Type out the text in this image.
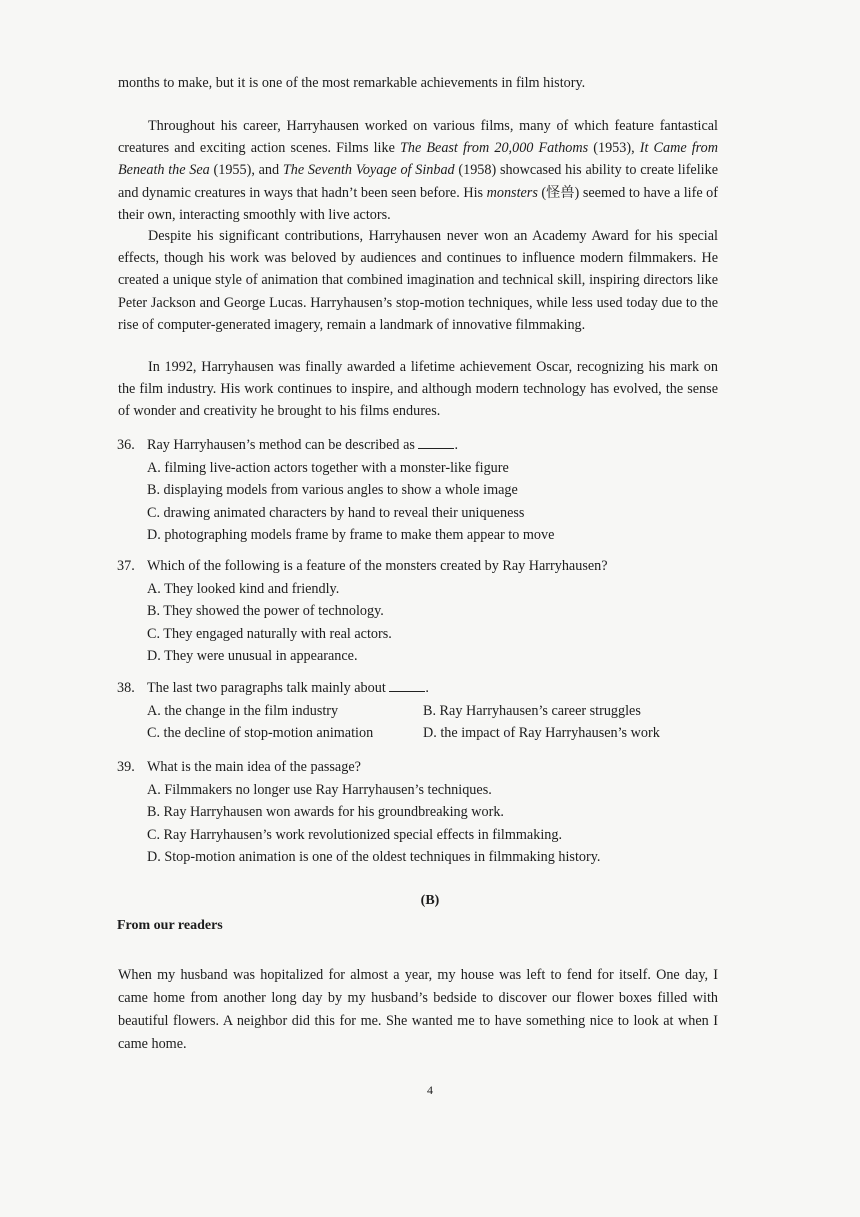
months to make, but it is one of the most remarkable achievements in film history.

Throughout his career, Harryhausen worked on various films, many of which feature fantastical creatures and exciting action scenes. Films like The Beast from 20,000 Fathoms (1953), It Came from Beneath the Sea (1955), and The Seventh Voyage of Sinbad (1958) showcased his ability to create lifelike and dynamic creatures in ways that hadn’t been seen before. His monsters (怪兽) seemed to have a life of their own, interacting smoothly with live actors.

Despite his significant contributions, Harryhausen never won an Academy Award for his special effects, though his work was beloved by audiences and continues to influence modern filmmakers. He created a unique style of animation that combined imagination and technical skill, inspiring directors like Peter Jackson and George Lucas. Harryhausen’s stop-motion techniques, while less used today due to the rise of computer-generated imagery, remain a landmark of innovative filmmaking.

In 1992, Harryhausen was finally awarded a lifetime achievement Oscar, recognizing his mark on the film industry. His work continues to inspire, and although modern technology has evolved, the sense of wonder and creativity he brought to his films endures.

36. Ray Harryhausen’s method can be described as	.

A. filming live-action actors together with a monster-like figure

B. displaying models from various angles to show a whole image

C. drawing animated characters by hand to reveal their uniqueness

D. photographing models frame by frame to make them appear to move

37. Which of the following is a feature of the monsters created by Ray Harryhausen?

A. They looked kind and friendly.

B. They showed the power of technology.

C. They engaged naturally with real actors.

D. They were unusual in appearance.

38. The last two paragraphs talk mainly about	.

A. the change in the film industry	B. Ray Harryhausen’s career struggles
C. the decline of stop-motion animation	D. the impact of Ray Harryhausen’s work

39. What is the main idea of the passage?

A. Filmmakers no longer use Ray Harryhausen’s techniques.

B. Ray Harryhausen won awards for his groundbreaking work.

C. Ray Harryhausen’s work revolutionized special effects in filmmaking.

D. Stop-motion animation is one of the oldest techniques in filmmaking history.

(B)
From our readers

When my husband was hopitalized for almost a year, my house was left to fend for itself. One day, I came home from another long day by my husband’s bedside to discover our flower boxes filled with beautiful flowers. A neighbor did this for me. She wanted me to have something nice to look at when I came home.

4
